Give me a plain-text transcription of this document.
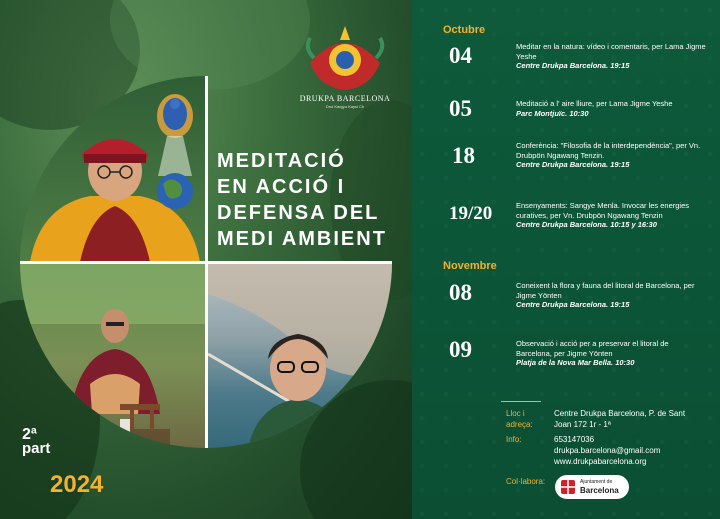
MEDITACIÓ
EN ACCIÓ I
DEFENSA DEL
MEDI AMBIENT
DRUKPA BARCELONA
Drul Kargyu Kaysi Ch
2ª
part
2024
Octubre
04	Meditar en la natura: vídeo i comentaris, per Lama Jigme Yeshe
Centre Drukpa Barcelona. 19:15
05	Meditació a l' aire lliure, per Lama Jigme Yeshe
Parc Montjuïc. 10:30
18	Conferència: "Filosofia de la interdependència", per Vn. Drubpön Ngawang Tenzin.
Centre Drukpa Barcelona. 19:15
19/20	Ensenyaments: Sangye Menla. Invocar les energies curatives, per Vn. Drubpön Ngawang Tenzin
Centre Drukpa Barcelona. 10:15 y 16:30
Novembre
08	Coneixent la flora y fauna del litoral de Barcelona, per Jigme Yönten
Centre Drukpa Barcelona. 19:15
09	Observació i acció per a preservar el litoral de Barcelona, per Jigme Yönten
Platja de la Nova Mar Bella. 10:30
Lloc i adreça:
Centre Drukpa Barcelona, P. de Sant Joan 172 1r - 1ª
Info:	653147036
drukpa.barcelona@gmail.com
www.drukpabarcelona.org
Col·labora:	Ajuntament de
Barcelona
